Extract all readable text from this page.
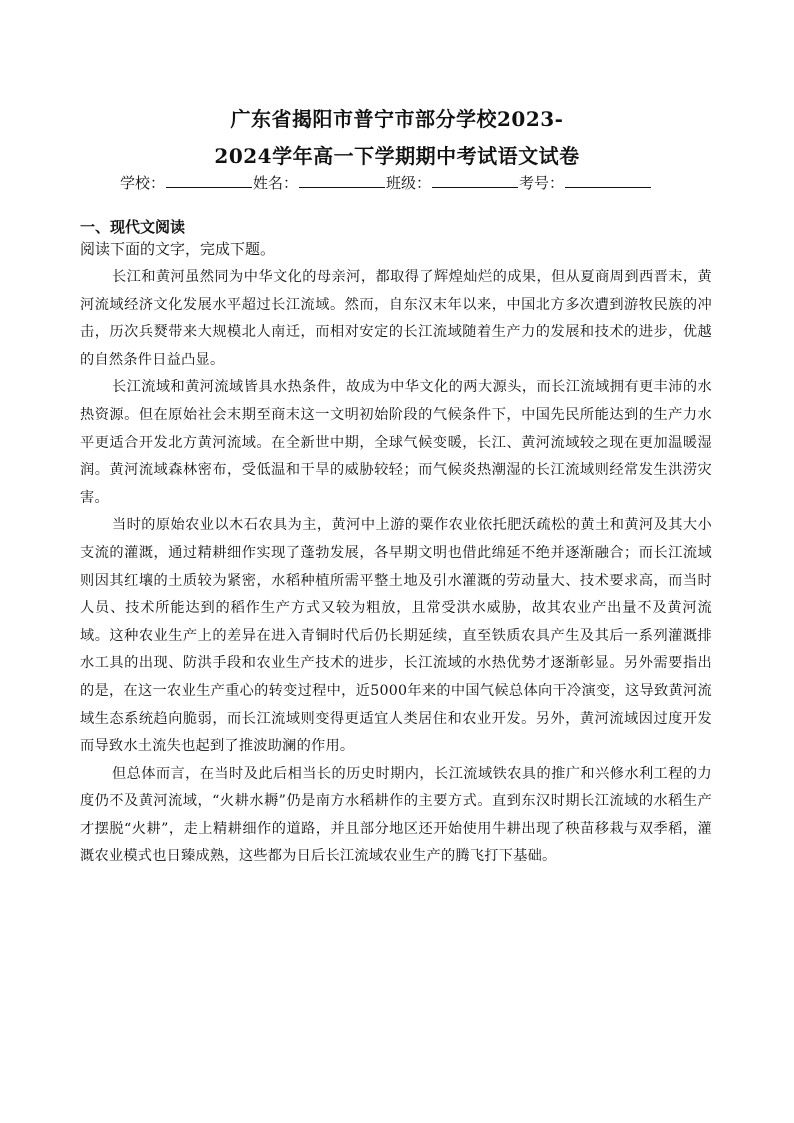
广东省揭阳市普宁市部分学校2023-
2024学年高一下学期期中考试语文试卷
学校：	姓名：	班级：	考号：
一、现代文阅读
阅读下面的文字，完成下题。

长江和黄河虽然同为中华文化的母亲河，都取得了辉煌灿烂的成果，但从夏商周到西晋末，黄河流域经济文化发展水平超过长江流域。然而，自东汉末年以来，中国北方多次遭到游牧民族的冲击，历次兵燹带来大规模北人南迁，而相对安定的长江流域随着生产力的发展和技术的进步，优越的自然条件日益凸显。

长江流域和黄河流域皆具水热条件，故成为中华文化的两大源头，而长江流域拥有更丰沛的水热资源。但在原始社会末期至商末这一文明初始阶段的气候条件下，中国先民所能达到的生产力水平更适合开发北方黄河流域。在全新世中期，全球气候变暖，长江、黄河流域较之现在更加温暖湿润。黄河流域森林密布，受低温和干旱的威胁较轻；而气候炎热潮湿的长江流域则经常发生洪涝灾害。

当时的原始农业以木石农具为主，黄河中上游的粟作农业依托肥沃疏松的黄土和黄河及其大小支流的灌溉，通过精耕细作实现了蓬勃发展，各早期文明也借此绵延不绝并逐渐融合；而长江流域则因其红壤的土质较为紧密，水稻种植所需平整土地及引水灌溉的劳动量大、技术要求高，而当时人员、技术所能达到的稻作生产方式又较为粗放，且常受洪水威胁，故其农业产出量不及黄河流域。这种农业生产上的差异在进入青铜时代后仍长期延续，直至铁质农具产生及其后一系列灌溉排水工具的出现、防洪手段和农业生产技术的进步，长江流域的水热优势才逐渐彰显。另外需要指出的是，在这一农业生产重心的转变过程中，近5000年来的中国气候总体向干冷演变，这导致黄河流域生态系统趋向脆弱，而长江流域则变得更适宜人类居住和农业开发。另外，黄河流域因过度开发而导致水土流失也起到了推波助澜的作用。

但总体而言，在当时及此后相当长的历史时期内，长江流域铁农具的推广和兴修水利工程的力度仍不及黄河流域，“火耕水耨”仍是南方水稻耕作的主要方式。直到东汉时期长江流域的水稻生产才摆脱“火耕”，走上精耕细作的道路，并且部分地区还开始使用牛耕出现了秧苗移栽与双季稻，灌溉农业模式也日臻成熟，这些都为日后长江流域农业生产的腾飞打下基础。
